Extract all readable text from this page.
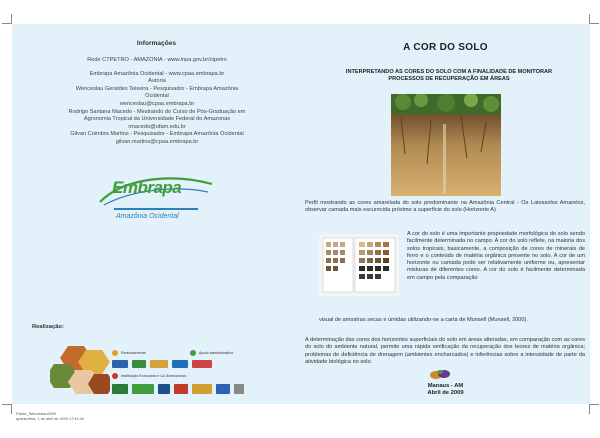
Informações
Rede CTPETRO - AMAZONIA - www.inpa.gov.br/ctpetro
Embrapa Amazônia Ocidental - www.cpaa.embrapa.br
Autoria
Wenceslau Geraldes Teixeira - Pesquisador - Embrapa Amazônia
Ocidental
wenceslau@cpaa.embrapa.br
Rodrigo Santana Macedo - Mestrando do Curso de Pós-Graduação em
Agronomia Tropical da Universidade Federal do Amazonas
rmacedo@ufam.edu.br
Gilvan Coimbra Martins - Pesquisador - Embrapa Amazônia Ocidental
gilvan.martins@cpaa.embrapa.br
Embrapa
Amazônia Ocidental
Realização:
Financiamento	Apoio administrativo
Instituição Executora e Co-Executoras:
A COR DO SOLO
INTERPRETANDO AS CORES DO SOLO COM A FINALIDADE DE MONITORAR PROCESSOS DE RECUPERAÇÃO EM ÁREAS
Perfil mostrando as cores amarelada do solo predominante na Amazônia Central - Os Latossolos Amarelos, observar camada mais escurecida próximo a superfície do solo (Horizonte A)
A cor do solo é uma importante propriedade morfológica do solo sendo facilmente determinada no campo. A cor do solo reflete, na maioria dos solos tropicais, basicamente, a composição de cores de minerais de ferro e o conteúdo de matéria orgânica presente no solo. A cor de um horizonte ou camada pode ser relativamente uniforme ou, apresentar misturas de diferentes cores. A cor do solo é facilmente determinada em campo pela comparação
visual de amostras secas e úmidas utilizando-se a carta de Munsell (Munsell, 2000).
A determinação das cores dos horizontes superficiais do solo em áreas alteradas, em comparação com as cores do solo do ambiente natural, permite uma rápida verificação da recuperação dos teores de matéria orgânica; problemas de deficiência de drenagem (ambientes encharcados) e inferências sobre a intensidade de parte da atividade biológica no solo.
Manaus - AM
Abril de 2009
Folder_Wenceslau2009
quarta-feira, 1 de abril de 2009 17:41:46
